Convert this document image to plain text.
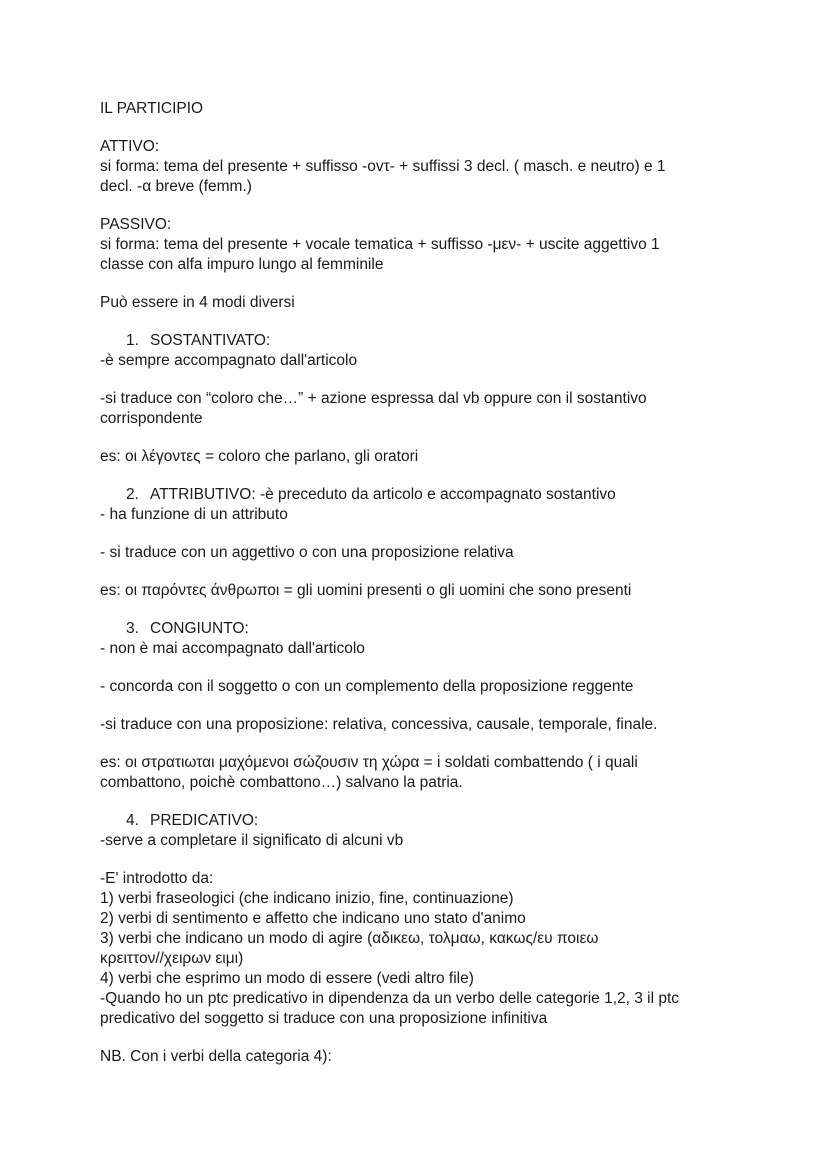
IL PARTICIPIO

ATTIVO:

si forma: tema del presente + suffisso -οvτ- + suffissi 3 decl. ( masch. e neutro) e 1

decl. -α breve (femm.)

PASSIVO:

si forma: tema del presente + vocale tematica + suffisso -μεν- + uscite aggettivo 1

classe con alfa impuro lungo al femminile

Può essere in 4 modi diversi

1. SOSTANTIVATO:

-è sempre accompagnato dall'articolo

-si traduce con “coloro che…” + azione espressa dal vb oppure con il sostantivo

corrispondente

es: οι λέγοντες = coloro che parlano, gli oratori

2. ATTRIBUTIVO: -è preceduto da articolo e accompagnato sostantivo

- ha funzione di un attributo

- si traduce con un aggettivo o con una proposizione relativa

es: οι παρόντες άνθρωποι = gli uomini presenti o gli uomini che sono presenti

3. CONGIUNTO:

- non è mai accompagnato dall'articolo

- concorda con il soggetto o con un complemento della proposizione reggente

-si traduce con una proposizione: relativa, concessiva, causale, temporale, finale.

es: οι στρατιωται μαχόμενοι σώζουσιν τη χώρα = i soldati combattendo ( i quali

combattono, poichè combattono…) salvano la patria.

4. PREDICATIVO:

-serve a completare il significato di alcuni vb

-E' introdotto da:

1) verbi fraseologici (che indicano inizio, fine, continuazione)

2) verbi di sentimento e affetto che indicano uno stato d'animo

3) verbi che indicano un modo di agire (αδικεω, τολμαω, κακως/ευ ποιεω

κρειττον//χειρων ειμι)

4) verbi che esprimo un modo di essere (vedi altro file)

-Quando ho un ptc predicativo in dipendenza da un verbo delle categorie 1,2, 3 il ptc

predicativo del soggetto si traduce con una proposizione infinitiva

NB. Con i verbi della categoria 4):
